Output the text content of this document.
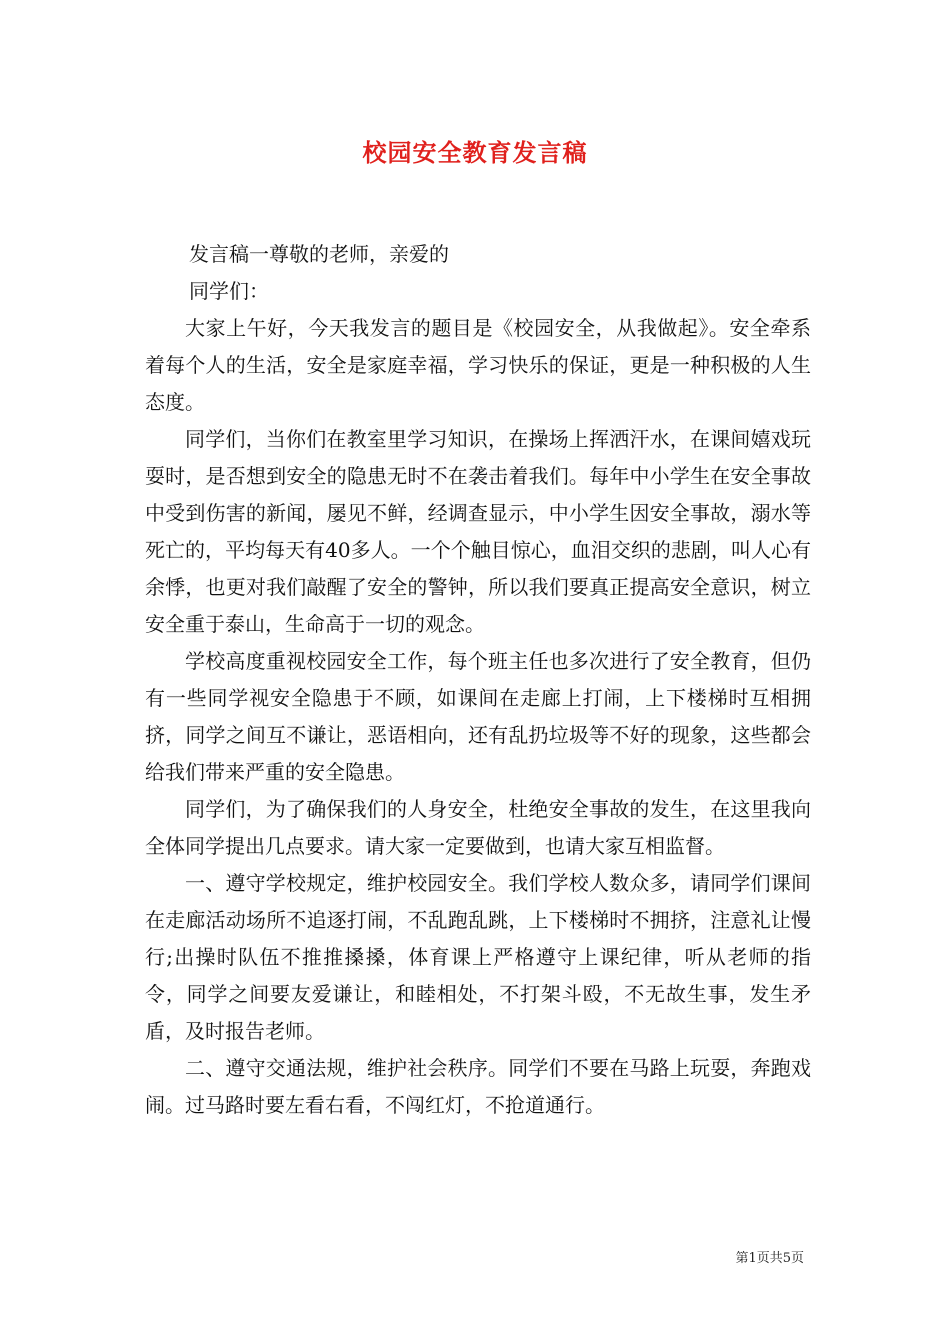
校园安全教育发言稿

发言稿一尊敬的老师，亲爱的

同学们：

大家上午好，今天我发言的题目是《校园安全，从我做起》。安全牵系着每个人的生活，安全是家庭幸福，学习快乐的保证，更是一种积极的人生态度。

同学们，当你们在教室里学习知识，在操场上挥洒汗水，在课间嬉戏玩耍时，是否想到安全的隐患无时不在袭击着我们。每年中小学生在安全事故中受到伤害的新闻，屡见不鲜，经调查显示，中小学生因安全事故，溺水等死亡的，平均每天有40多人。一个个触目惊心，血泪交织的悲剧，叫人心有余悸，也更对我们敲醒了安全的警钟，所以我们要真正提高安全意识，树立安全重于泰山，生命高于一切的观念。

学校高度重视校园安全工作，每个班主任也多次进行了安全教育，但仍有一些同学视安全隐患于不顾，如课间在走廊上打闹，上下楼梯时互相拥挤，同学之间互不谦让，恶语相向，还有乱扔垃圾等不好的现象，这些都会给我们带来严重的安全隐患。

同学们，为了确保我们的人身安全，杜绝安全事故的发生，在这里我向全体同学提出几点要求。请大家一定要做到，也请大家互相监督。

一、遵守学校规定，维护校园安全。我们学校人数众多，请同学们课间在走廊活动场所不追逐打闹，不乱跑乱跳，上下楼梯时不拥挤，注意礼让慢行;出操时队伍不推推搡搡，体育课上严格遵守上课纪律，听从老师的指令，同学之间要友爱谦让，和睦相处，不打架斗殴，不无故生事，发生矛盾，及时报告老师。

二、遵守交通法规，维护社会秩序。同学们不要在马路上玩耍，奔跑戏闹。过马路时要左看右看，不闯红灯，不抢道通行。

第1页共5页
